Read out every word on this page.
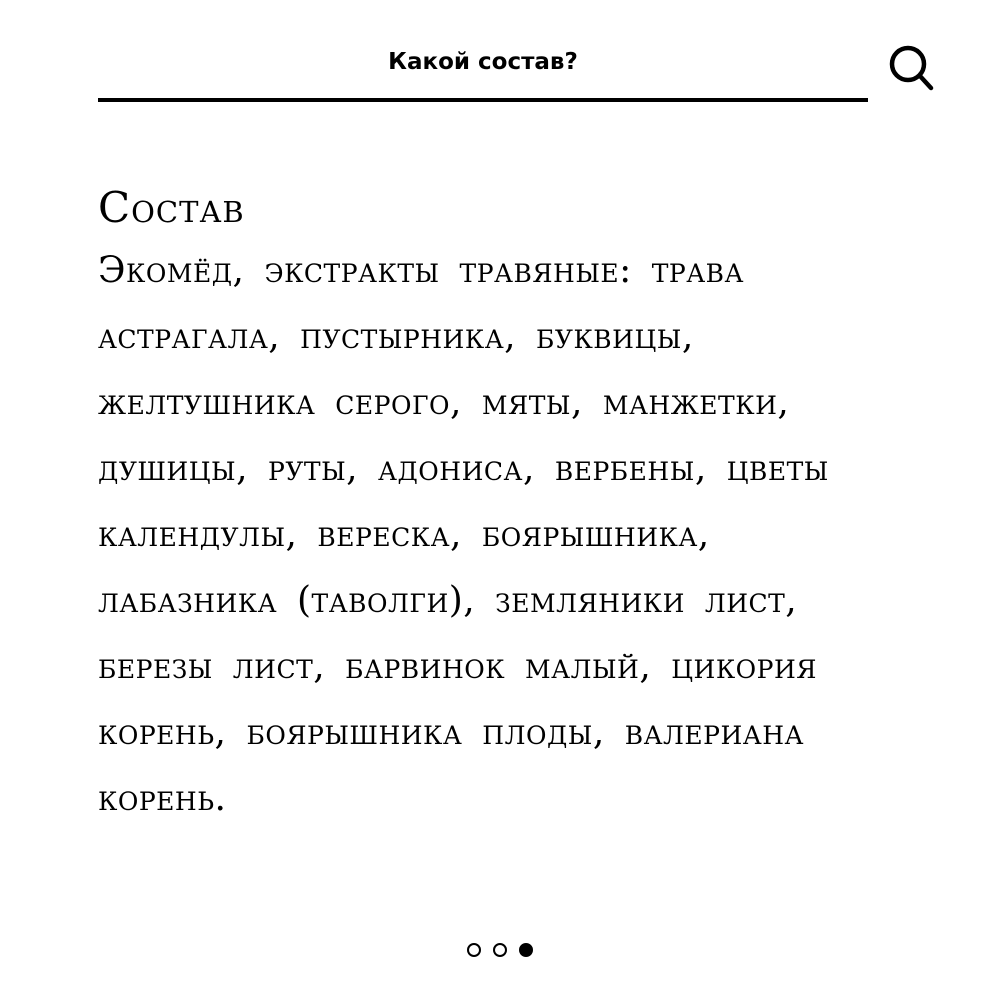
Какой состав?

Состав

Экомёд, экстракты травяные: трава астрагала, пустырника, буквицы, желтушника серого, мяты, манжетки, душицы, руты, адониса, вербены, цветы календулы, вереска, боярышника, лабазника (таволги), земляники лист, березы лист, барвинок малый, цикория корень, боярышника плоды, валериана корень.
